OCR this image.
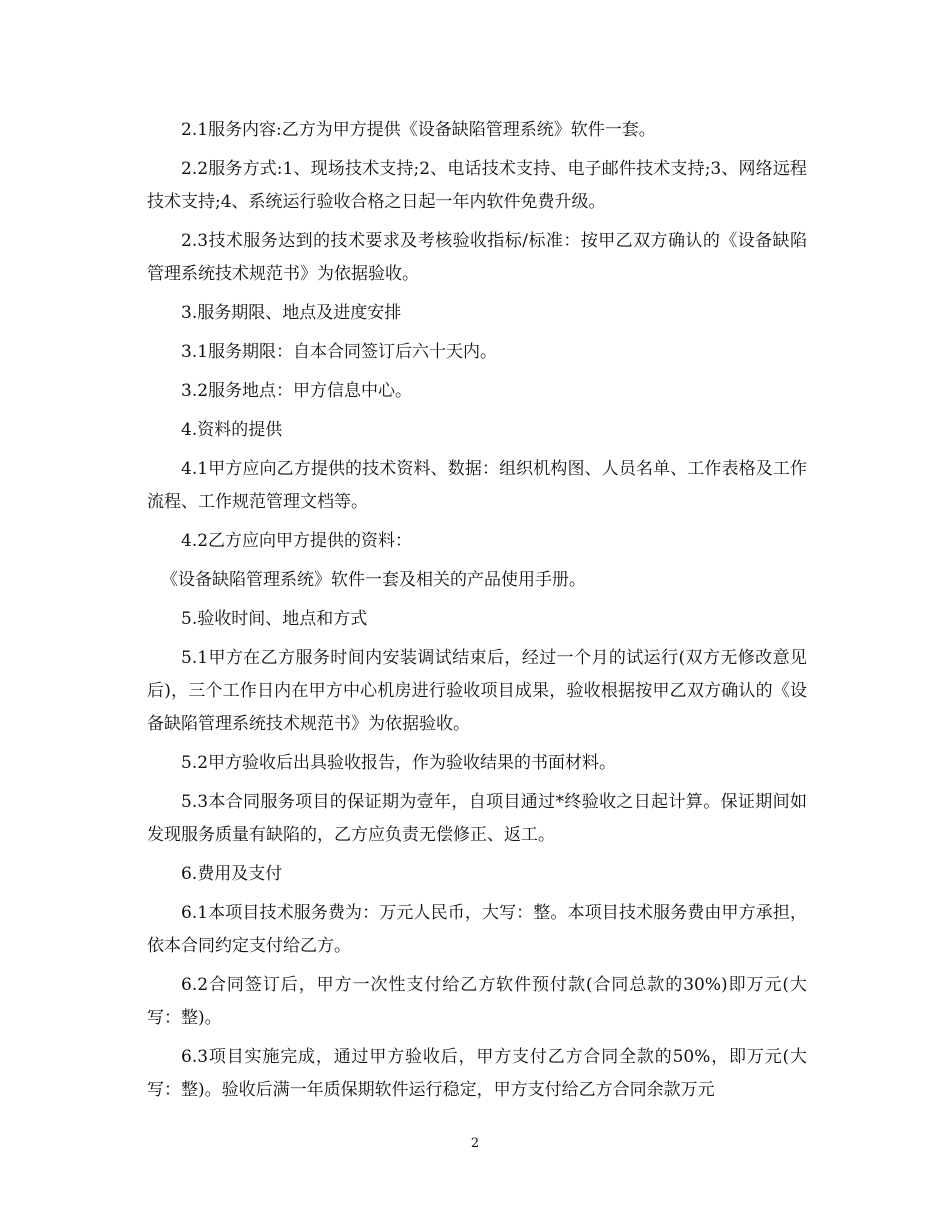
2.1服务内容:乙方为甲方提供《设备缺陷管理系统》软件一套。

2.2服务方式:1、现场技术支持;2、电话技术支持、电子邮件技术支持;3、网络远程技术支持;4、系统运行验收合格之日起一年内软件免费升级。

2.3技术服务达到的技术要求及考核验收指标/标准：按甲乙双方确认的《设备缺陷管理系统技术规范书》为依据验收。

3.服务期限、地点及进度安排

3.1服务期限：自本合同签订后六十天内。

3.2服务地点：甲方信息中心。

4.资料的提供

4.1甲方应向乙方提供的技术资料、数据：组织机构图、人员名单、工作表格及工作流程、工作规范管理文档等。

4.2乙方应向甲方提供的资料：

《设备缺陷管理系统》软件一套及相关的产品使用手册。

5.验收时间、地点和方式

5.1甲方在乙方服务时间内安装调试结束后，经过一个月的试运行(双方无修改意见后)，三个工作日内在甲方中心机房进行验收项目成果，验收根据按甲乙双方确认的《设备缺陷管理系统技术规范书》为依据验收。

5.2甲方验收后出具验收报告，作为验收结果的书面材料。

5.3本合同服务项目的保证期为壹年，自项目通过*终验收之日起计算。保证期间如发现服务质量有缺陷的，乙方应负责无偿修正、返工。

6.费用及支付

6.1本项目技术服务费为：万元人民币，大写：整。本项目技术服务费由甲方承担，依本合同约定支付给乙方。

6.2合同签订后，甲方一次性支付给乙方软件预付款(合同总款的30%)即万元(大写：整)。

6.3项目实施完成，通过甲方验收后，甲方支付乙方合同全款的50%，即万元(大写：整)。验收后满一年质保期软件运行稳定，甲方支付给乙方合同余款万元

2
